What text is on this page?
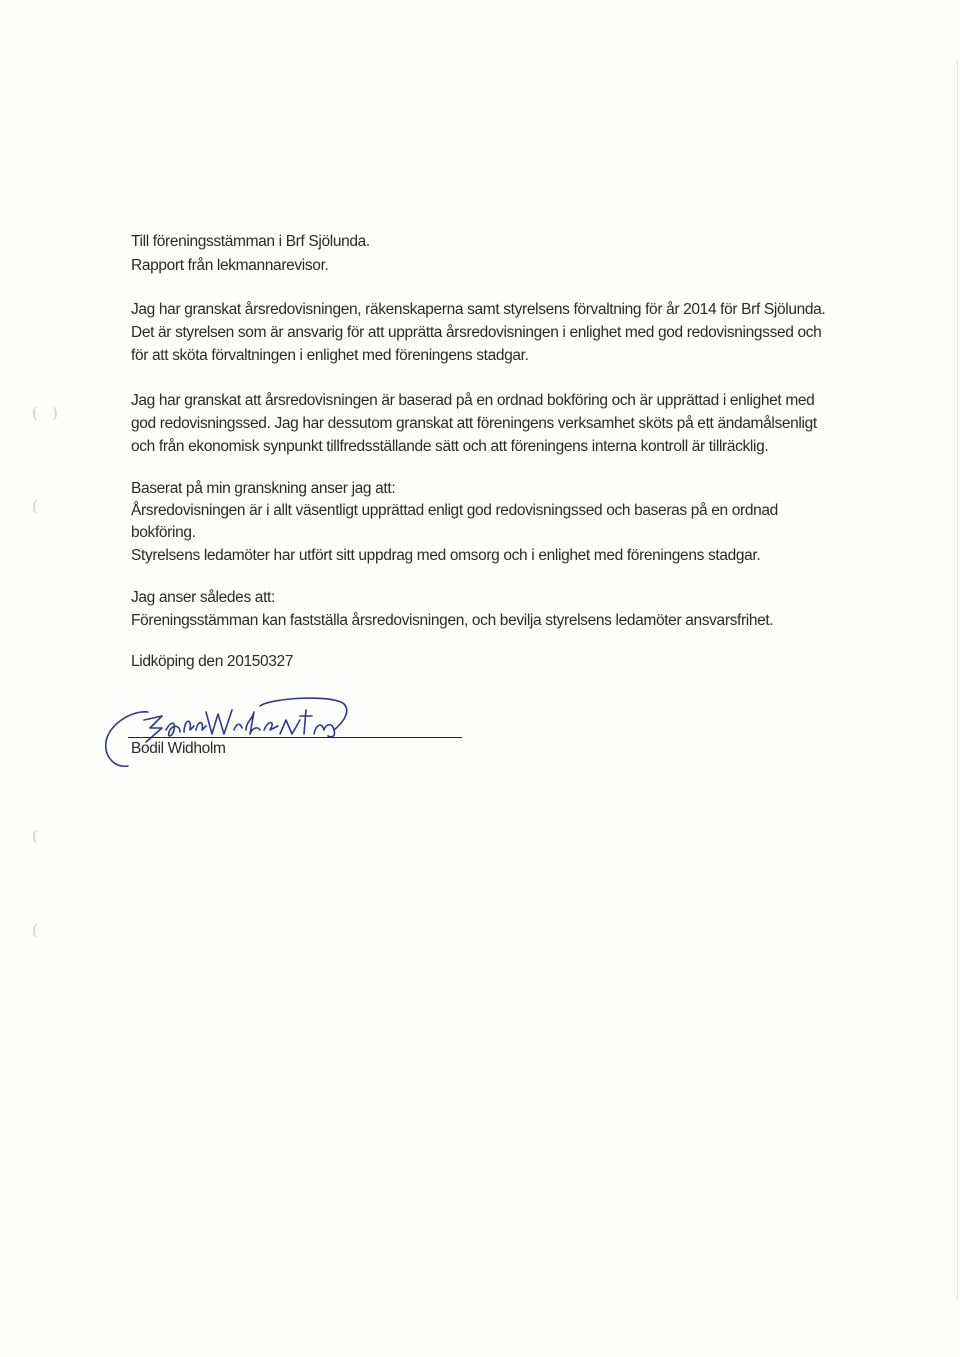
(   )
(
(
(
Till föreningsstämman i Brf Sjölunda.
Rapport från lekmannarevisor.
Jag har granskat årsredovisningen, räkenskaperna samt styrelsens förvaltning för år 2014 för Brf Sjölunda.
Det är styrelsen som är ansvarig för att upprätta årsredovisningen i enlighet med god redovisningssed och
för att sköta förvaltningen i enlighet med föreningens stadgar.
Jag har granskat att årsredovisningen är baserad på en ordnad bokföring och är upprättad i enlighet med
god redovisningssed. Jag har dessutom granskat att föreningens verksamhet sköts på ett ändamålsenligt
och från ekonomisk synpunkt tillfredsställande sätt och att föreningens interna kontroll är tillräcklig.
Baserat på min granskning anser jag att:
Årsredovisningen är i allt väsentligt upprättad enligt god redovisningssed och baseras på en ordnad
bokföring.
Styrelsens ledamöter har utfört sitt uppdrag med omsorg och i enlighet med föreningens stadgar.
Jag anser således att:
Föreningsstämman kan fastställa årsredovisningen, och bevilja styrelsens ledamöter ansvarsfrihet.
Lidköping den 20150327
Bodil Widholm
